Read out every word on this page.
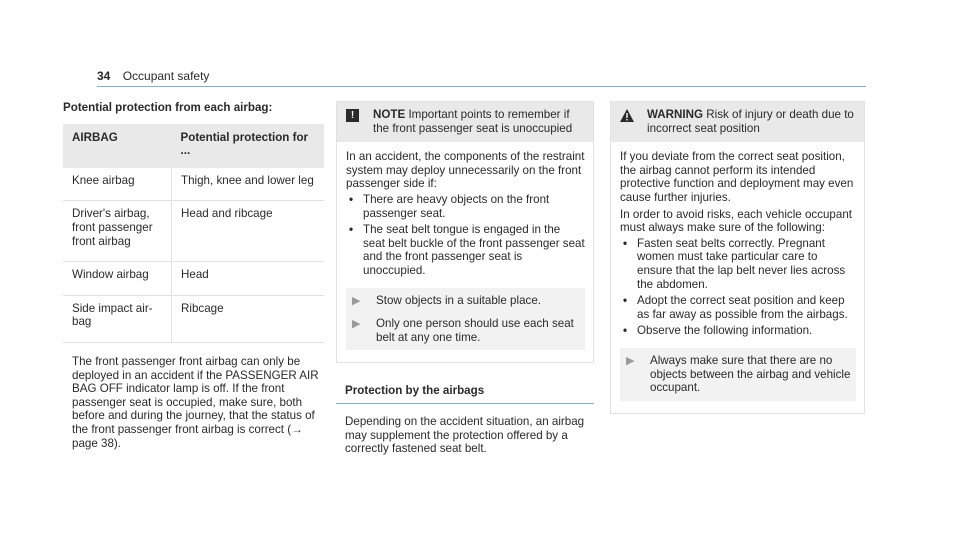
34 Occupant safety
Potential protection from each airbag:
AIRBAG	Potential protection for ...
Knee airbag	Thigh, knee and lower leg
Driver's airbag, front passenger front airbag	Head and ribcage
Window airbag	Head
Side impact air-bag	Ribcage
The front passenger front airbag can only be deployed in an accident if the PASSENGER AIR BAG OFF indicator lamp is off. If the front passenger seat is occupied, make sure, both before and during the journey, that the status of the front passenger front airbag is correct (→ page 38).
!	NOTE Important points to remember if the front passenger seat is unoccupied

In an accident, the components of the restraint system may deploy unnecessarily on the front passenger side if:

• There are heavy objects on the front passenger seat.
• The seat belt tongue is engaged in the seat belt buckle of the front passenger seat and the front passenger seat is unoccupied.
▶ Stow objects in a suitable place.
▶ Only one person should use each seat belt at any one time.
Protection by the airbags
Depending on the accident situation, an airbag may supplement the protection offered by a correctly fastened seat belt.
WARNING Risk of injury or death due to incorrect seat position

If you deviate from the correct seat position, the airbag cannot perform its intended protective function and deployment may even cause further injuries.

In order to avoid risks, each vehicle occupant must always make sure of the following:

• Fasten seat belts correctly. Pregnant women must take particular care to ensure that the lap belt never lies across the abdomen.
• Adopt the correct seat position and keep as far away as possible from the airbags.
• Observe the following information.
▶ Always make sure that there are no objects between the airbag and vehicle occupant.
